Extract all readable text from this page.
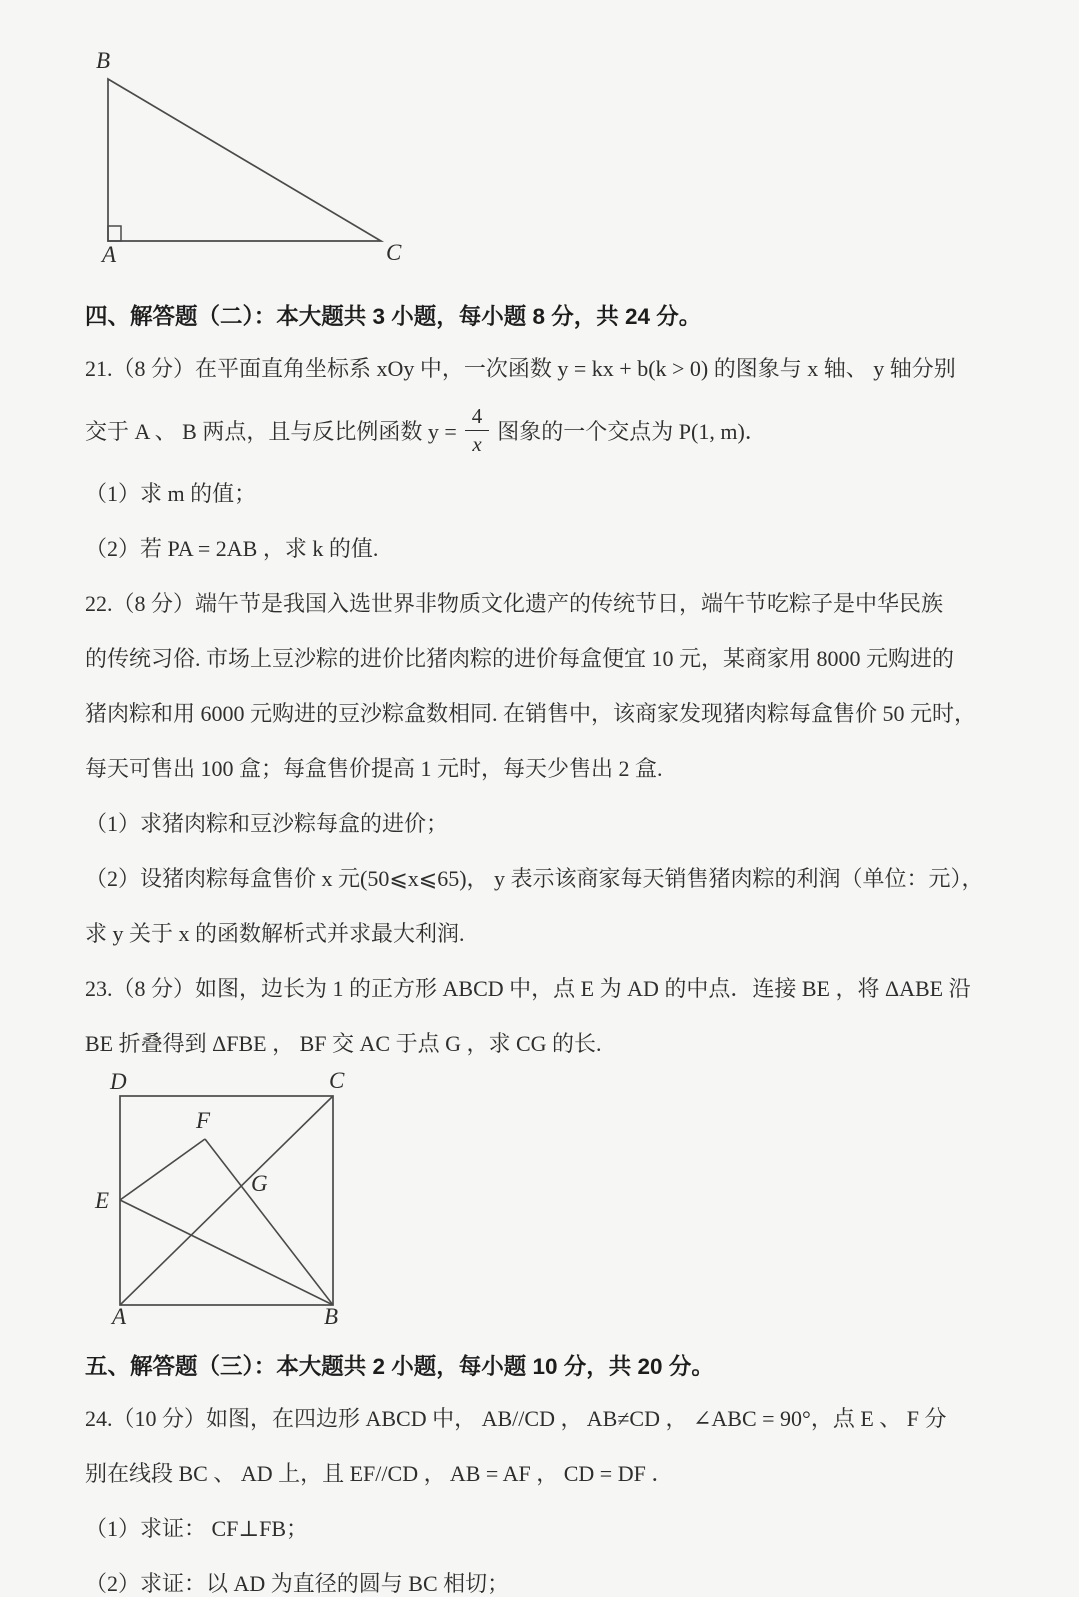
B
A	C
四、解答题（二）：本大题共 3 小题，每小题 8 分，共 24 分。

21.（8 分）在平面直角坐标系 xOy 中，一次函数 y = kx + b(k > 0) 的图象与 x 轴、 y 轴分别

交于 A 、 B 两点，且与反比例函数 $y = \frac{4}{x}$ 图象的一个交点为 P(1, m)．

（1）求 m 的值；

（2）若 PA = 2AB ，求 k 的值.

22.（8 分）端午节是我国入选世界非物质文化遗产的传统节日，端午节吃粽子是中华民族

的传统习俗. 市场上豆沙粽的进价比猪肉粽的进价每盒便宜 10 元，某商家用 8000 元购进的

猪肉粽和用 6000 元购进的豆沙粽盒数相同. 在销售中，该商家发现猪肉粽每盒售价 50 元时，

每天可售出 100 盒；每盒售价提高 1 元时，每天少售出 2 盒.

（1）求猪肉粽和豆沙粽每盒的进价；

（2）设猪肉粽每盒售价 x 元(50⩽x⩽65)， y 表示该商家每天销售猪肉粽的利润（单位：元），

求 y 关于 x 的函数解析式并求最大利润.

23.（8 分）如图，边长为 1 的正方形 ABCD 中，点 E 为 AD 的中点．连接 BE ，将 ΔABE 沿

BE 折叠得到 ΔFBE ， BF 交 AC 于点 G ，求 CG 的长.

D	C
F
G
E
A	B
五、解答题（三）：本大题共 2 小题，每小题 10 分，共 20 分。

24.（10 分）如图，在四边形 ABCD 中， AB//CD ， AB≠CD ， ∠ABC = 90°，点 E 、 F 分

别在线段 BC 、 AD 上，且 EF//CD ， AB = AF ， CD = DF ．

（1）求证： CF⊥FB；

（2）求证：以 AD 为直径的圆与 BC 相切；
